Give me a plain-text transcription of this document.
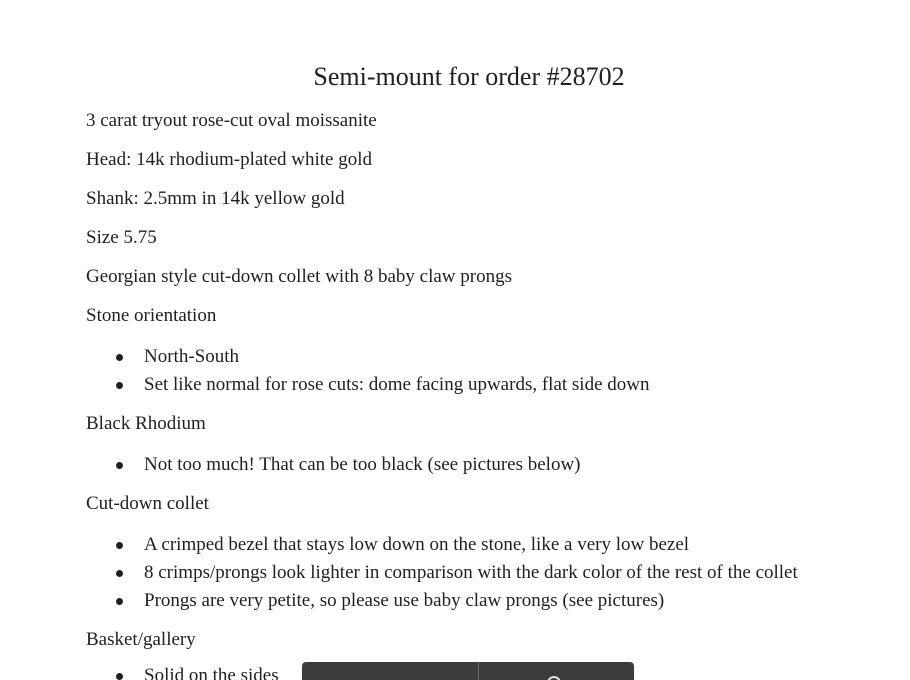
Semi-mount for order #28702

3 carat tryout rose-cut oval moissanite

Head: 14k rhodium-plated white gold

Shank: 2.5mm in 14k yellow gold

Size 5.75

Georgian style cut-down collet with 8 baby claw prongs

Stone orientation

North-South
Set like normal for rose cuts: dome facing upwards, flat side down

Black Rhodium

Not too much! That can be too black (see pictures below)

Cut-down collet

A crimped bezel that stays low down on the stone, like a very low bezel
8 crimps/prongs look lighter in comparison with the dark color of the rest of the collet
Prongs are very petite, so please use baby claw prongs (see pictures)

Basket/gallery

Solid on the sides
